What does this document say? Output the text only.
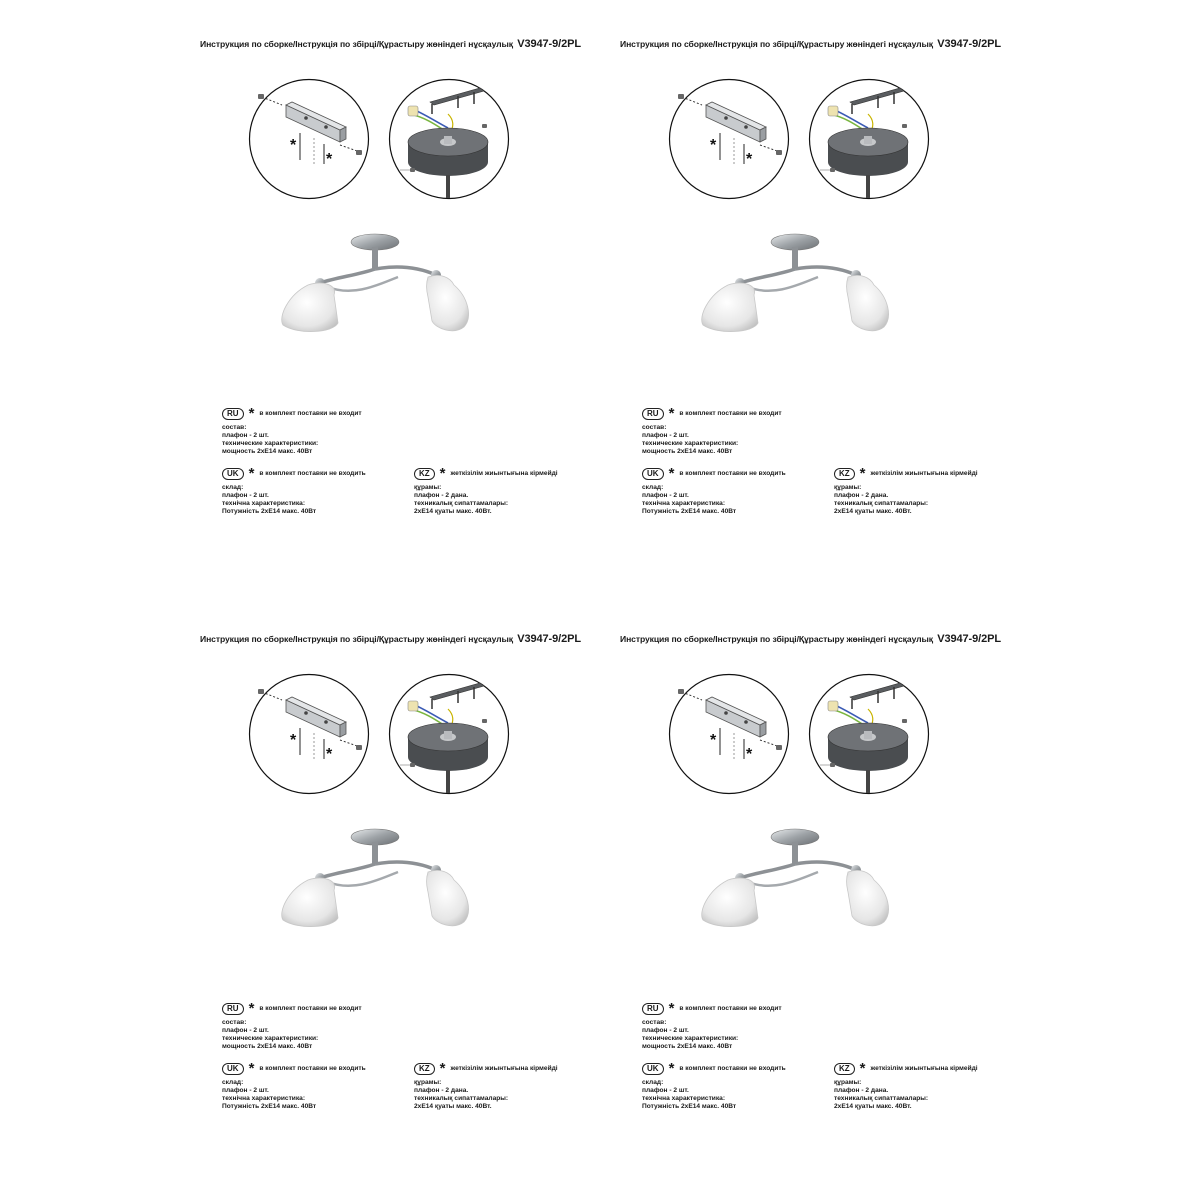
Инструкция по сборке/Інструкція по збірці/Құрастыру жөніндегі нұсқаулық V3947-9/2PL
*
*
RU * в комплект поставки не входит
состав:
плафон - 2 шт.
технические характеристики:
мощность 2хЕ14 макс. 40Вт
UK * в комплект поставки не входить
склад:
плафон - 2 шт.
технічна характеристика:
Потужність 2хЕ14 макс. 40Вт
KZ * жеткізілім жиынтығына кірмейді
құрамы:
плафон - 2 дана.
техникалық сипаттамалары:
2хЕ14 қуаты макс. 40Вт.
Инструкция по сборке/Інструкція по збірці/Құрастыру жөніндегі нұсқаулық V3947-9/2PL
*
*
RU * в комплект поставки не входит
состав:
плафон - 2 шт.
технические характеристики:
мощность 2хЕ14 макс. 40Вт
UK * в комплект поставки не входить
склад:
плафон - 2 шт.
технічна характеристика:
Потужність 2хЕ14 макс. 40Вт
KZ * жеткізілім жиынтығына кірмейді
құрамы:
плафон - 2 дана.
техникалық сипаттамалары:
2хЕ14 қуаты макс. 40Вт.
Инструкция по сборке/Інструкція по збірці/Құрастыру жөніндегі нұсқаулық V3947-9/2PL
*
*
RU * в комплект поставки не входит
состав:
плафон - 2 шт.
технические характеристики:
мощность 2хЕ14 макс. 40Вт
UK * в комплект поставки не входить
склад:
плафон - 2 шт.
технічна характеристика:
Потужність 2хЕ14 макс. 40Вт
KZ * жеткізілім жиынтығына кірмейді
құрамы:
плафон - 2 дана.
техникалық сипаттамалары:
2хЕ14 қуаты макс. 40Вт.
Инструкция по сборке/Інструкція по збірці/Құрастыру жөніндегі нұсқаулық V3947-9/2PL
*
*
RU * в комплект поставки не входит
состав:
плафон - 2 шт.
технические характеристики:
мощность 2хЕ14 макс. 40Вт
UK * в комплект поставки не входить
склад:
плафон - 2 шт.
технічна характеристика:
Потужність 2хЕ14 макс. 40Вт
KZ * жеткізілім жиынтығына кірмейді
құрамы:
плафон - 2 дана.
техникалық сипаттамалары:
2хЕ14 қуаты макс. 40Вт.
